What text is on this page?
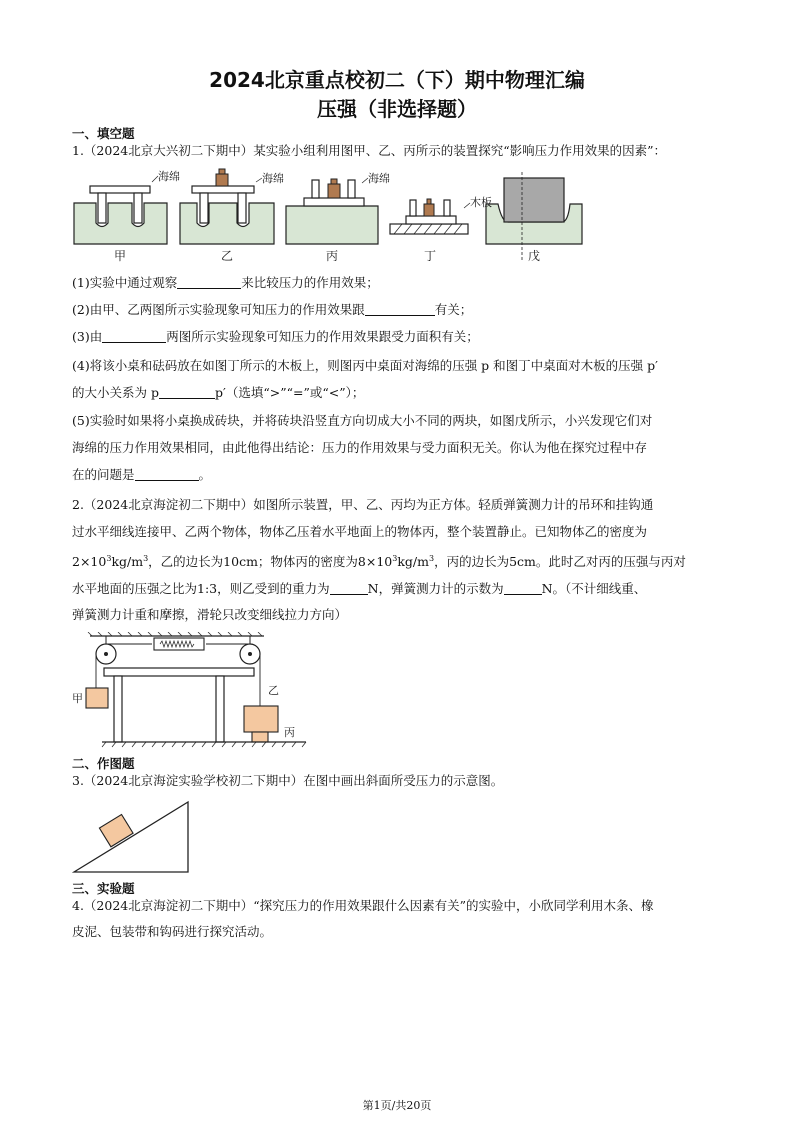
2024北京重点校初二（下）期中物理汇编
压强（非选择题）
一、填空题
1.（2024北京大兴初二下期中）某实验小组利用图甲、乙、丙所示的装置探究“影响压力作用效果的因素”：
海绵	海绵	海绵
木板
甲	乙	丙	丁	戊
(1)实验中通过观察	来比较压力的作用效果；
(2)由甲、乙两图所示实验现象可知压力的作用效果跟	有关；
(3)由	两图所示实验现象可知压力的作用效果跟受力面积有关；
(4)将该小桌和砝码放在如图丁所示的木板上，则图丙中桌面对海绵的压强 p 和图丁中桌面对木板的压强 p′
的大小关系为 p	p′（选填“>”“=”或“<”）；
(5)实验时如果将小桌换成砖块，并将砖块沿竖直方向切成大小不同的两块，如图戊所示，小兴发现它们对
海绵的压力作用效果相同，由此他得出结论：压力的作用效果与受力面积无关。你认为他在探究过程中存
在的问题是	。
2.（2024北京海淀初二下期中）如图所示装置，甲、乙、丙均为正方体。轻质弹簧测力计的吊环和挂钩通
过水平细线连接甲、乙两个物体，物体乙压着水平地面上的物体丙，整个装置静止。已知物体乙的密度为
$2\times 10^3kg/m^3$，乙的边长为10cm；物体丙的密度为$8\times 10^3kg/m^3$，丙的边长为5cm。此时乙对丙的压强与丙对
水平地面的压强之比为1:3，则乙受到的重力为	N，弹簧测力计的示数为	N。（不计细线重、
弹簧测力计重和摩擦，滑轮只改变细线拉力方向）
甲
乙
丙
二、作图题
3.（2024北京海淀实验学校初二下期中）在图中画出斜面所受压力的示意图。
三、实验题
4.（2024北京海淀初二下期中）“探究压力的作用效果跟什么因素有关”的实验中，小欣同学利用木条、橡
皮泥、包装带和钩码进行探究活动。
第1页/共20页
